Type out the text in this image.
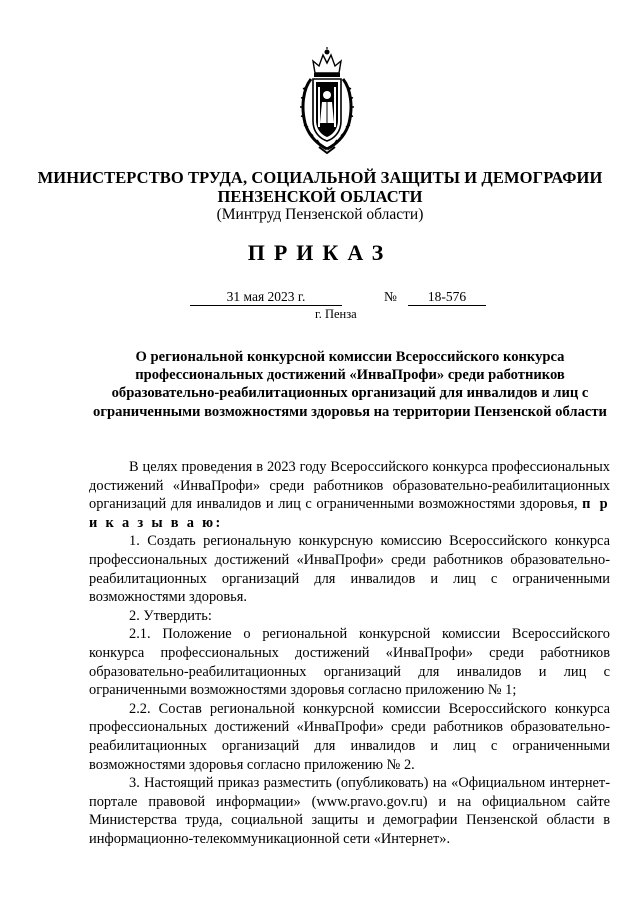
МИНИСТЕРСТВО ТРУДА, СОЦИАЛЬНОЙ ЗАЩИТЫ И ДЕМОГРАФИИ
ПЕНЗЕНСКОЙ ОБЛАСТИ
(Минтруд Пензенской области)
ПРИКАЗ
31 мая 2023 г.	№	18-576
г. Пенза
О региональной конкурсной комиссии Всероссийского конкурса профессиональных достижений «ИнваПрофи» среди работников образовательно-реабилитационных организаций для инвалидов и лиц с ограниченными возможностями здоровья на территории Пензенской области

В целях проведения в 2023 году Всероссийского конкурса профессиональных достижений «ИнваПрофи» среди работников образовательно-реабилитационных организаций для инвалидов и лиц с ограниченными возможностями здоровья, п р и к а з ы в а ю:

1. Создать региональную конкурсную комиссию Всероссийского конкурса профессиональных достижений «ИнваПрофи» среди работников образовательно-реабилитационных организаций для инвалидов и лиц с ограниченными возможностями здоровья.

2. Утвердить:

2.1. Положение о региональной конкурсной комиссии Всероссийского конкурса профессиональных достижений «ИнваПрофи» среди работников образовательно-реабилитационных организаций для инвалидов и лиц с ограниченными возможностями здоровья согласно приложению № 1;

2.2. Состав региональной конкурсной комиссии Всероссийского конкурса профессиональных достижений «ИнваПрофи» среди работников образовательно-реабилитационных организаций для инвалидов и лиц с ограниченными возможностями здоровья согласно приложению № 2.

3. Настоящий приказ разместить (опубликовать) на «Официальном интернет-портале правовой информации» (www.pravo.gov.ru) и на официальном сайте Министерства труда, социальной защиты и демографии Пензенской области в информационно-телекоммуникационной сети «Интернет».
